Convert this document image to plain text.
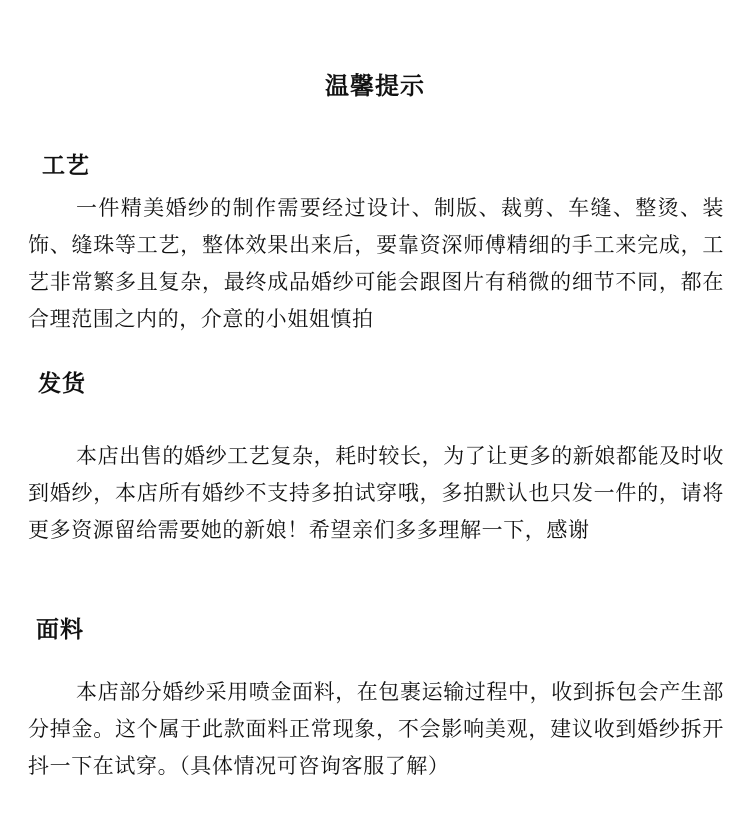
温馨提示
工艺

一件精美婚纱的制作需要经过设计、制版、裁剪、车缝、整烫、装饰、缝珠等工艺，整体效果出来后，要靠资深师傅精细的手工来完成，工艺非常繁多且复杂，最终成品婚纱可能会跟图片有稍微的细节不同，都在合理范围之内的，介意的小姐姐慎拍

发货

本店出售的婚纱工艺复杂，耗时较长，为了让更多的新娘都能及时收到婚纱，本店所有婚纱不支持多拍试穿哦，多拍默认也只发一件的，请将更多资源留给需要她的新娘！希望亲们多多理解一下，感谢

面料

本店部分婚纱采用喷金面料，在包裹运输过程中，收到拆包会产生部分掉金。这个属于此款面料正常现象，不会影响美观，建议收到婚纱拆开抖一下在试穿。（具体情况可咨询客服了解）
